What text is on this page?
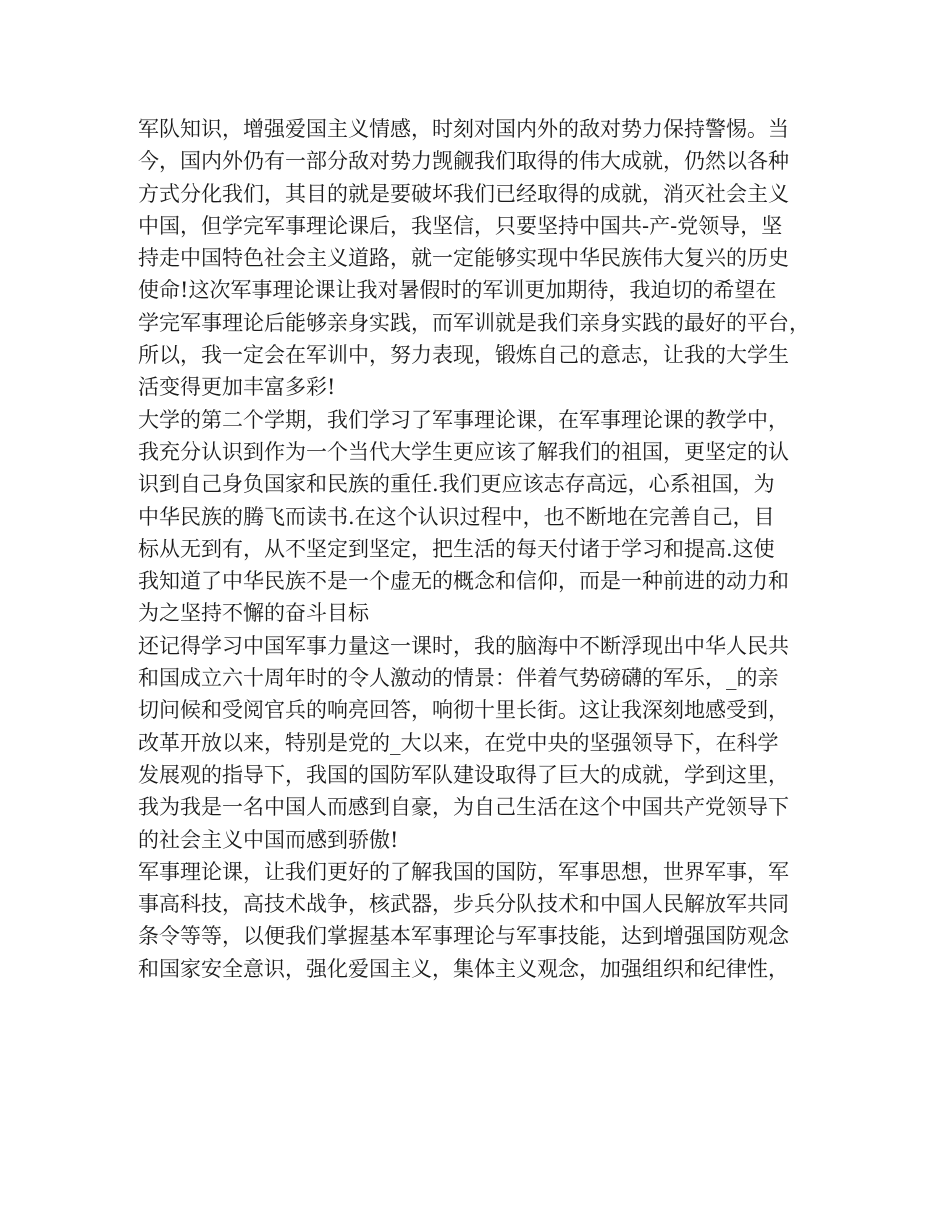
军队知识，增强爱国主义情感，时刻对国内外的敌对势力保持警惕。当
今，国内外仍有一部分敌对势力觊觎我们取得的伟大成就，仍然以各种
方式分化我们，其目的就是要破坏我们已经取得的成就，消灭社会主义
中国，但学完军事理论课后，我坚信，只要坚持中国共-产-党领导，坚
持走中国特色社会主义道路，就一定能够实现中华民族伟大复兴的历史
使命!这次军事理论课让我对暑假时的军训更加期待，我迫切的希望在
学完军事理论后能够亲身实践，而军训就是我们亲身实践的最好的平台，
所以，我一定会在军训中，努力表现，锻炼自己的意志，让我的大学生
活变得更加丰富多彩!
大学的第二个学期，我们学习了军事理论课，在军事理论课的教学中，
我充分认识到作为一个当代大学生更应该了解我们的祖国，更坚定的认
识到自己身负国家和民族的重任.我们更应该志存高远，心系祖国，为
中华民族的腾飞而读书.在这个认识过程中，也不断地在完善自己，目
标从无到有，从不坚定到坚定，把生活的每天付诸于学习和提高.这使
我知道了中华民族不是一个虚无的概念和信仰，而是一种前进的动力和
为之坚持不懈的奋斗目标
还记得学习中国军事力量这一课时，我的脑海中不断浮现出中华人民共
和国成立六十周年时的令人激动的情景：伴着气势磅礴的军乐，_的亲
切问候和受阅官兵的响亮回答，响彻十里长街。这让我深刻地感受到，
改革开放以来，特别是党的_大以来，在党中央的坚强领导下，在科学
发展观的指导下，我国的国防军队建设取得了巨大的成就，学到这里，
我为我是一名中国人而感到自豪，为自己生活在这个中国共产党领导下
的社会主义中国而感到骄傲!
军事理论课，让我们更好的了解我国的国防，军事思想，世界军事，军
事高科技，高技术战争，核武器，步兵分队技术和中国人民解放军共同
条令等等，以便我们掌握基本军事理论与军事技能，达到增强国防观念
和国家安全意识，强化爱国主义，集体主义观念，加强组织和纪律性，
